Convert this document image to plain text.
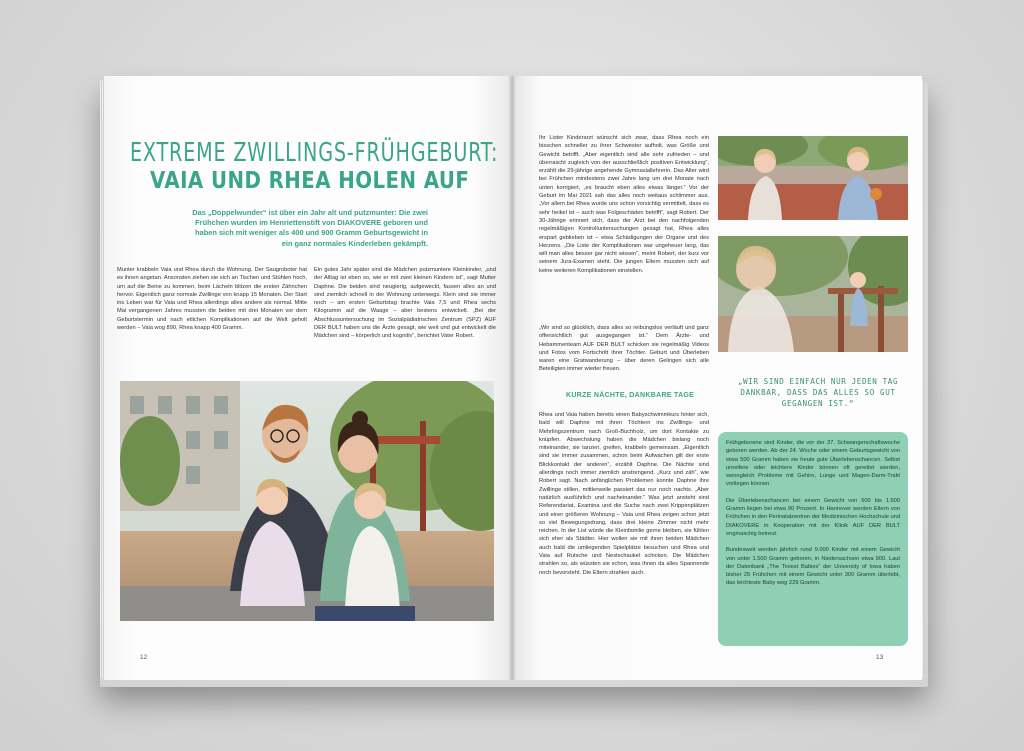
EXTREME ZWILLINGS-FRÜHGEBURT:
VAIA UND RHEA HOLEN AUF
Das „Doppelwunder“ ist über ein Jahr alt und putzmunter: Die zwei Frühchen wurden im Henriettenstift von DIAKOVERE geboren und haben sich mit weniger als 400 und 900 Gramm Geburtsgewicht in ein ganz normales Kinderleben gekämpft.
Munter krabbeln Vaia und Rhea durch die Wohnung. Der Saugroboter hat es ihnen angetan. Ansonsten ziehen sie sich an Tischen und Stühlen hoch, um auf die Beine zu kommen, beim Lächeln blitzen die ersten Zähnchen hervor. Eigentlich ganz normale Zwillinge von knapp 15 Monaten. Der Start ins Leben war für Vaia und Rhea allerdings alles andere als normal. Mitte Mai vergangenen Jahres mussten die beiden mit drei Monaten vor dem Geburtstermin und nach etlichen Komplikationen auf die Welt geholt werden – Vaia wog 890, Rhea knapp 400 Gramm.
Ein gutes Jahr später sind die Mädchen putzmuntere Kleinkinder, „und der Alltag ist eben so, wie er mit zwei kleinen Kindern ist“, sagt Mutter Daphne. Die beiden sind neugierig, aufgeweckt, fassen alles an und sind ziemlich schnell in der Wohnung unterwegs. Klein sind sie immer noch – am ersten Geburtstag brachte Vaia 7,5 und Rhea sechs Kilogramm auf die Waage – aber bestens entwickelt. „Bei der Abschlussuntersuchung im Sozialpädiatrischen Zentrum (SPZ) AUF DER BULT haben uns die Ärzte gesagt, wie weit und gut entwickelt die Mädchen sind – körperlich und kognitiv“, berichtet Vater Robert.
12
Ihr Lister Kinderarzt wünscht sich zwar, dass Rhea noch ein bisschen schneller zu ihrer Schwester aufholt, was Größe und Gewicht betrifft. „Aber eigentlich sind alle sehr zufrieden – und überrascht zugleich von der ausschließlich positiven Entwicklung“, erzählt die 29-jährige angehende Gymnasiallehrerin. Das Alter wird bei Frühchen mindestens zwei Jahre lang um drei Monate nach unten korrigiert, „es braucht eben alles etwas länger.“ Vor der Geburt im Mai 2021 sah das alles noch weitaus schlimmer aus. „Vor allem bei Rhea wurde uns schon vorsichtig vermittelt, dass es sehr heikel ist – auch was Folgeschäden betrifft“, sagt Robert. Der 30-Jährige erinnert sich, dass der Arzt bei den nachfolgenden regelmäßigen Kontrolluntersuchungen gesagt hat, Rhea alles erspart geblieben ist – etwa Schädigungen der Organe und des Herzens. „Die Liste der Komplikationen war ungeheuer lang, das will man alles besser gar nicht wissen“, meint Robert, der kurz vor seinem Jura-Examen steht. Die jungen Eltern mussten sich auf keine weiteren Komplikationen einstellen.
„Wir sind so glücklich, dass alles so reibungslos verläuft und ganz offensichtlich gut ausgegangen ist.“ Dem Ärzte- und Hebammenteam AUF DER BULT schicken sie regelmäßig Videos und Fotos vom Fortschritt ihrer Töchter. Geburt und Überleben waren eine Gratwanderung – über deren Gelingen sich alle Beteiligten immer wieder freuen.
KURZE NÄCHTE, DANKBARE TAGE
Rhea und Vaia haben bereits einen Babyschwimmkurs hinter sich, bald will Daphne mit ihren Töchtern ins Zwillings- und Mehrlingszentrum nach Groß-Buchholz, um dort Kontakte zu knüpfen. Abwechslung haben die Mädchen bislang noch miteinander, sie tanzen, greifen, krabbeln gemeinsam. „Eigentlich sind sie immer zusammen, schon beim Aufwachen gilt der erste Blickkontakt der anderen“, erzählt Daphne. Die Nächte sind allerdings noch immer ziemlich anstrengend. „Kurz und zäh“, wie Robert sagt. Nach anfänglichen Problemen konnte Daphne ihre Zwillinge stillen, mittlerweile passiert das nur noch nachts. „Aber natürlich ausführlich und nacheinander.“ Was jetzt ansteht sind Referendariat, Examina und die Suche nach zwei Krippenplätzen und einer größeren Wohnung – Vaia und Rhea zeigen schon jetzt so viel Bewegungsdrang, dass drei kleine Zimmer nicht mehr reichen. In der List würde die Kleinfamilie gerne bleiben, sie fühlen sich eher als Städter. Hier wollen sie mit ihren beiden Mädchen auch bald die umliegenden Spielplätze besuchen und Rhea und Vaia auf Rutsche und Nestschaukel schicken. Die Mädchen strahlen so, als wüssten sie schon, was ihnen da alles Spannende noch bevorsteht. Die Eltern strahlen auch.
„WIR SIND EINFACH NUR JEDEN TAG DANKBAR, DASS DAS ALLES SO GUT GEGANGEN IST.“

Frühgeborene sind Kinder, die vor der 37. Schwangerschaftswoche geboren werden. Ab der 24. Woche oder einem Geburtsgewicht von etwa 500 Gramm haben sie heute gute Überlebenschancen. Selbst unreifere oder leichtere Kinder können oft gerettet werden, wenngleich Probleme mit Gehirn, Lunge und Magen-Darm-Trakt vorliegen können.

Die Überlebenschancen bei einem Gewicht von 500 bis 1.500 Gramm liegen bei etwa 90 Prozent. In Hannover werden Eltern von Frühchen in den Perinatalzentren der Medizinischen Hochschule und DIAKOVERE in Kooperation mit der Klinik AUF DER BULT engmaschig betreut.

Bundesweit werden jährlich rund 9.000 Kinder mit einem Gewicht von unter 1.500 Gramm geboren, in Niedersachsen etwa 900. Laut der Datenbank „The Tiniest Babies“ der University of Iowa haben bisher 25 Frühchen mit einem Gewicht unter 300 Gramm überlebt, das leichteste Baby wog 229 Gramm.

13
